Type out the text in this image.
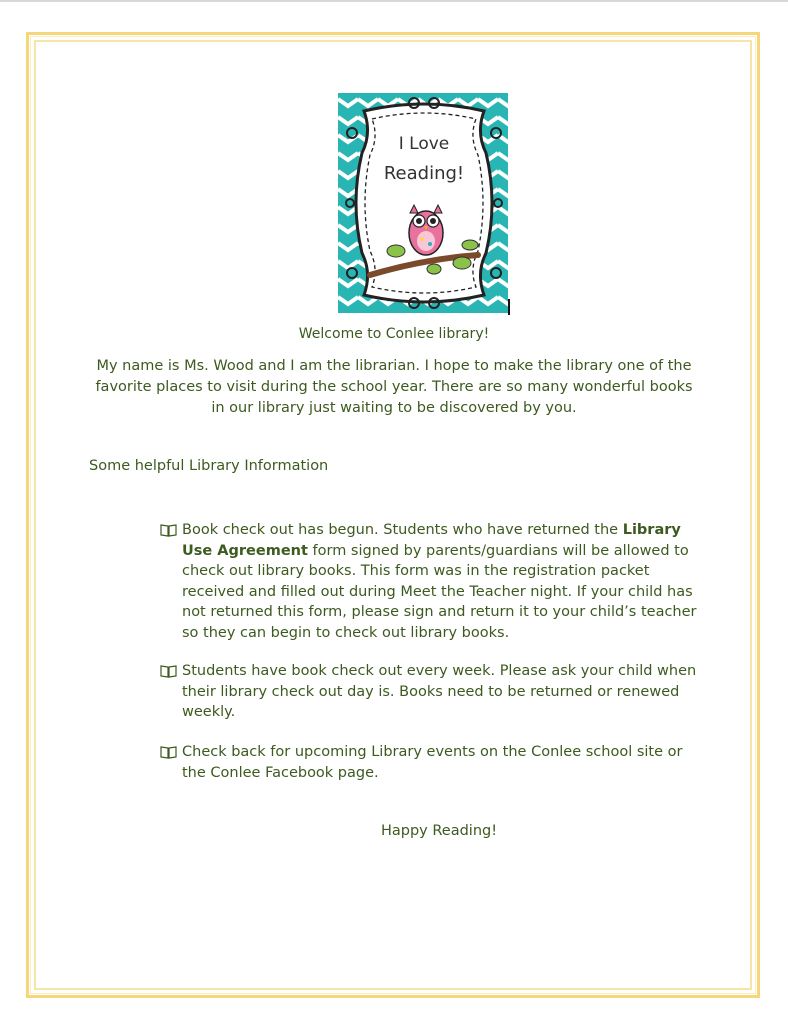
I Love
Reading!
Welcome to Conlee library!
My name is Ms. Wood and I am the librarian. I hope to make the library one of the favorite places to visit during the school year. There are so many wonderful books in our library just waiting to be discovered by you.
Some helpful Library Information
Book check out has begun. Students who have returned the Library Use Agreement form signed by parents/guardians will be allowed to check out library books. This form was in the registration packet received and filled out during Meet the Teacher night. If your child has not returned this form, please sign and return it to your child’s teacher so they can begin to check out library books.
Students have book check out every week. Please ask your child when their library check out day is. Books need to be returned or renewed weekly.
Check back for upcoming Library events on the Conlee school site or the Conlee Facebook page.
Happy Reading!
